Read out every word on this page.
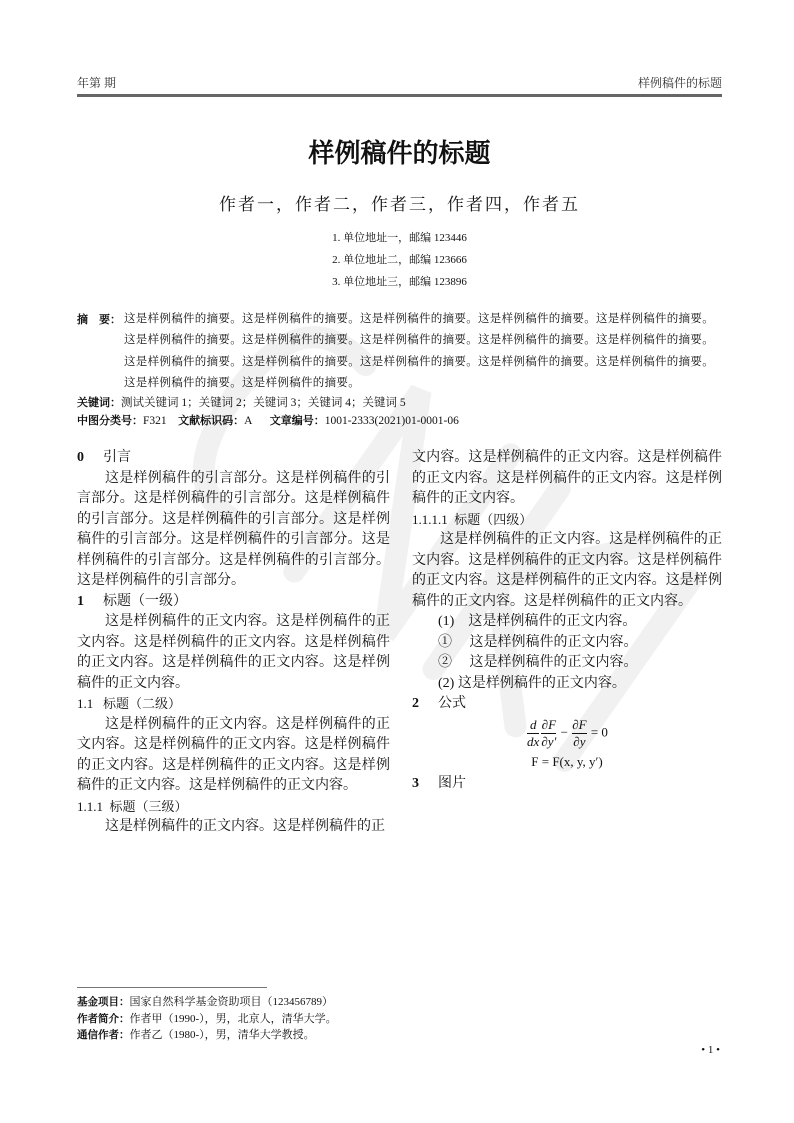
年第 期	样例稿件的标题
样例稿件的标题
作者一，作者二，作者三，作者四，作者五
1. 单位地址一，邮编 123446
2. 单位地址二，邮编 123666
3. 单位地址三，邮编 123896
摘　要： 这是样例稿件的摘要。这是样例稿件的摘要。这是样例稿件的摘要。这是样例稿件的摘要。这是样例稿件的摘要。这是样例稿件的摘要。这是样例稿件的摘要。这是样例稿件的摘要。这是样例稿件的摘要。这是样例稿件的摘要。这是样例稿件的摘要。这是样例稿件的摘要。这是样例稿件的摘要。这是样例稿件的摘要。这是样例稿件的摘要。这是样例稿件的摘要。这是样例稿件的摘要。
关键词：测试关键词 1；关键词 2；关键词 3；关键词 4；关键词 5
中图分类号：F321 文献标识码：A 文章编号：1001-2333(2021)01-0001-06
0 引言

这是样例稿件的引言部分。这是样例稿件的引言部分。这是样例稿件的引言部分。这是样例稿件的引言部分。这是样例稿件的引言部分。这是样例稿件的引言部分。这是样例稿件的引言部分。这是样例稿件的引言部分。这是样例稿件的引言部分。这是样例稿件的引言部分。

1 标题（一级）

这是样例稿件的正文内容。这是样例稿件的正文内容。这是样例稿件的正文内容。这是样例稿件的正文内容。这是样例稿件的正文内容。这是样例稿件的正文内容。

1.1 标题（二级）

这是样例稿件的正文内容。这是样例稿件的正文内容。这是样例稿件的正文内容。这是样例稿件的正文内容。这是样例稿件的正文内容。这是样例稿件的正文内容。这是样例稿件的正文内容。

1.1.1 标题（三级）

这是样例稿件的正文内容。这是样例稿件的正

文内容。这是样例稿件的正文内容。这是样例稿件的正文内容。这是样例稿件的正文内容。这是样例稿件的正文内容。

1.1.1.1 标题（四级）

这是样例稿件的正文内容。这是样例稿件的正文内容。这是样例稿件的正文内容。这是样例稿件的正文内容。这是样例稿件的正文内容。这是样例稿件的正文内容。这是样例稿件的正文内容。

(1)　这是样例稿件的正文内容。
①　 这是样例稿件的正文内容。
②　 这是样例稿件的正文内容。
(2) 这是样例稿件的正文内容。
2 公式
$\frac{d}{dx} \frac{\partial F}{\partial y'} - \frac{\partial F}{\partial y} = 0$
F = F(x, y, y′)
3 图片
基金项目：国家自然科学基金资助项目（123456789）
作者简介：作者甲（1990-），男，北京人，清华大学。
通信作者：作者乙（1980-），男，清华大学教授。
• 1 •
